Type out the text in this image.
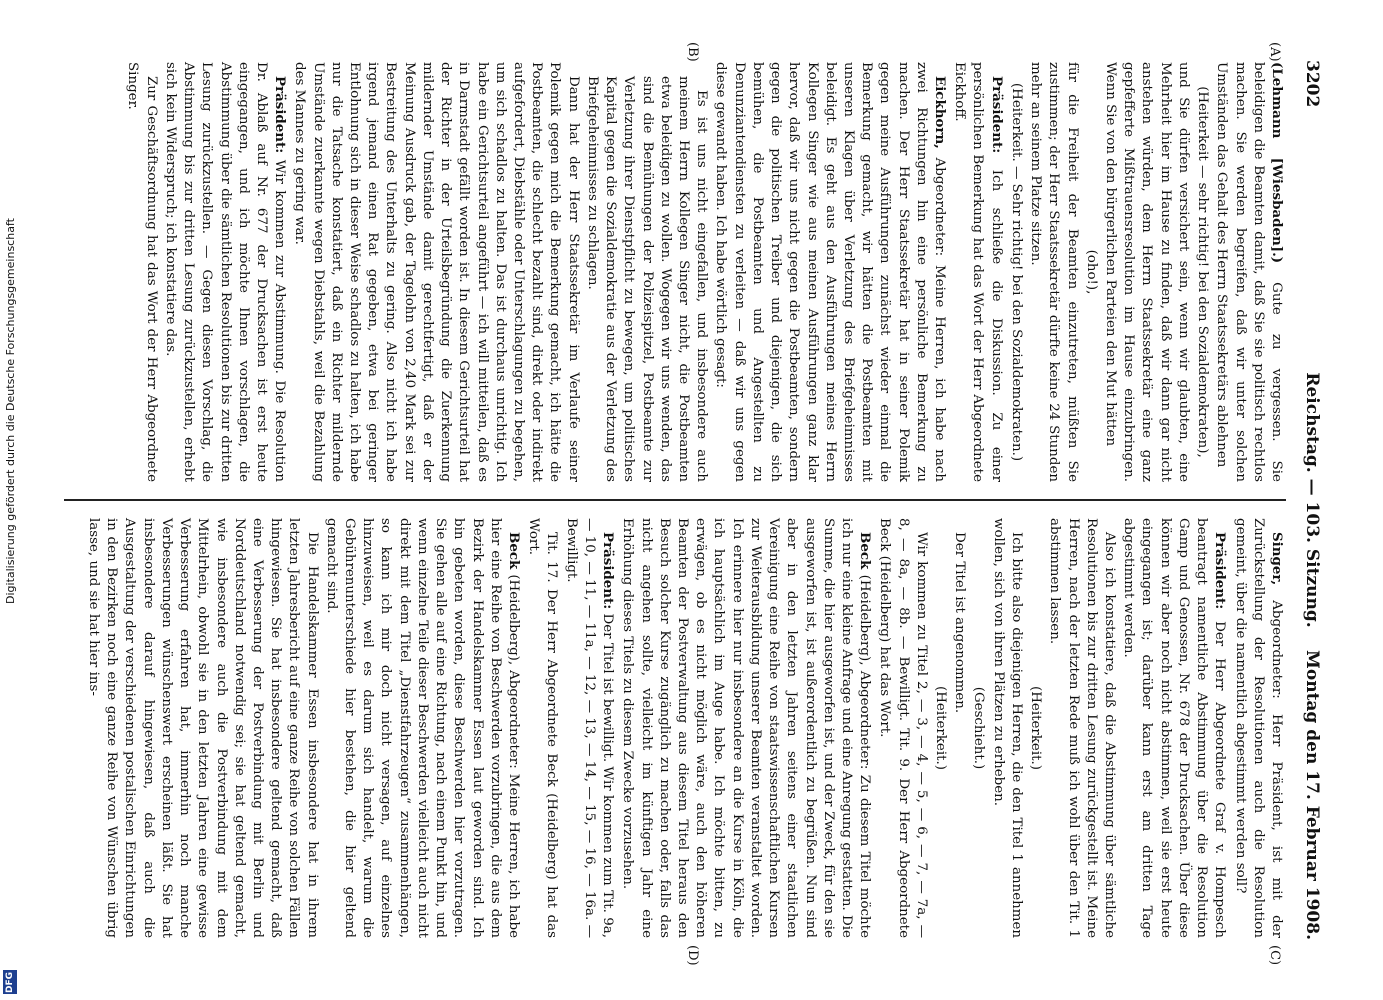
3202
Reichstag. — 103. Sitzung.
Montag den 17. Februar 1908.
(A)
(B)
(C)
(D)

(Lehmann [Wiesbaden].) Gute zu vergessen. Sie beleidigen die Beamten damit, daß Sie sie politisch rechtlos machen. Sie werden begreifen, daß wir unter solchen Umständen das Gehalt des Herrn Staatssekretärs ablehnen

(Heiterkeit — sehr richtig! bei den Sozialdemokraten),

und Sie dürfen versichert sein, wenn wir glaubten, eine Mehrheit hier im Hause zu finden, daß wir dann gar nicht anstehen würden, dem Herrn Staatssekretär eine ganz gepfefferte Mißtrauensresolution im Hause einzubringen. Wenn Sie von den bürgerlichen Parteien den Mut hätten

(oho!),

für die Freiheit der Beamten einzutreten, müßten Sie zustimmen; der Herr Staatssekretär dürfte keine 24 Stunden mehr an seinem Platze sitzen.

(Heiterkeit. — Sehr richtig! bei den Sozialdemokraten.)

Präsident: Ich schließe die Diskussion. Zu einer persönlichen Bemerkung hat das Wort der Herr Abgeordnete Eickhoff.

Eickhorn, Abgeordneter: Meine Herren, ich habe nach zwei Richtungen hin eine persönliche Bemerkung zu machen. Der Herr Staatssekretär hat in seiner Polemik gegen meine Ausführungen zunächst wieder einmal die Bemerkung gemacht, wir hätten die Postbeamten mit unseren Klagen über Verletzung des Briefgeheimnisses beleidigt. Es geht aus den Ausführungen meines Herrn Kollegen Singer wie aus meinen Ausführungen ganz klar hervor, daß wir uns nicht gegen die Postbeamten, sondern gegen die politischen Treiber und diejenigen, die sich bemühen, die Postbeamten und Angestellten zu Denunziantendiensten zu verleiten — daß wir uns gegen diese gewandt haben. Ich habe wörtlich gesagt:

Es ist uns nicht eingefallen, und insbesondere auch meinem Herrn Kollegen Singer nicht, die Postbeamten etwa beleidigen zu wollen. Wogegen wir uns wenden, das sind die Bemühungen der Polizeispitzel, Postbeamte zur Verletzung ihrer Dienstpflicht zu bewegen, um politisches Kapital gegen die Sozialdemokratie aus der Verletzung des Briefgeheimnisses zu schlagen.

Dann hat der Herr Staatssekretär im Verlaufe seiner Polemik gegen mich die Bemerkung gemacht, ich hätte die Postbeamten, die schlecht bezahlt sind, direkt oder indirekt aufgefordert, Diebstähle oder Unterschlagungen zu begehen, um sich schadlos zu halten. Das ist durchaus unrichtig. Ich habe ein Gerichtsurteil angeführt — ich will mitteilen, daß es in Darmstadt gefällt worden ist. In diesem Gerichtsurteil hat der Richter in der Urteilsbegründung die Zuerkennung mildernder Umstände damit gerechtfertigt, daß er der Meinung Ausdruck gab, der Tagelohn von 2,40 Mark sei zur Bestreitung des Unterhalts zu gering. Also nicht ich habe irgend jemand einen Rat gegeben, etwa bei geringer Entlohnung sich in dieser Weise schadlos zu halten, ich habe nur die Tatsache konstatiert, daß ein Richter mildernde Umstände zuerkannte wegen Diebstahls, weil die Bezahlung des Mannes zu gering war.

Präsident: Wir kommen zur Abstimmung. Die Resolution Dr. Ablaß auf Nr. 677 der Drucksachen ist erst heute eingegangen, und ich möchte Ihnen vorschlagen, die Abstimmung über die sämtlichen Resolutionen bis zur dritten Lesung zurückzustellen. — Gegen diesen Vorschlag, die Abstimmung bis zur dritten Lesung zurückzustellen, erhebt sich kein Widerspruch; ich konstatiere das.

Zur Geschäftsordnung hat das Wort der Herr Abgeordnete Singer.

Singer, Abgeordneter: Herr Präsident, ist mit der Zurückstellung der Resolutionen auch die Resolution gemeint, über die namentlich abgestimmt werden soll?

Präsident: Der Herr Abgeordnete Graf v. Hompesch beantragt namentliche Abstimmung über die Resolution Gamp und Genossen, Nr. 678 der Drucksachen. Über diese können wir aber noch nicht abstimmen, weil sie erst heute eingegangen ist; darüber kann erst am dritten Tage abgestimmt werden.

Also ich konstatiere, daß die Abstimmung über sämtliche Resolutionen bis zur dritten Lesung zurückgestellt ist. Meine Herren, nach der letzten Rede muß ich wohl über den Tit. 1 abstimmen lassen.

(Heiterkeit.)

Ich bitte also diejenigen Herren, die den Titel 1 annehmen wollen, sich von ihren Plätzen zu erheben.

(Geschieht.)

Der Titel ist angenommen.

(Heiterkeit.)

Wir kommen zu Titel 2, — 3, — 4, — 5, — 6, — 7, — 7a, — 8, — 8a, — 8b. — Bewilligt. Tit. 9. Der Herr Abgeordnete Beck (Heidelberg) hat das Wort.

Beck (Heidelberg), Abgeordneter: Zu diesem Titel möchte ich nur eine kleine Anfrage und eine Anregung gestatten. Die Summe, die hier ausgeworfen ist, und der Zweck, für den sie ausgeworfen ist, ist außerordentlich zu begrüßen. Nun sind aber in den letzten Jahren seitens einer staatlichen Vereinigung eine Reihe von staatswissenschaftlichen Kursen zur Weiterausbildung unserer Beamten veranstaltet worden. Ich erinnere hier nur insbesondere an die Kurse in Köln, die ich hauptsächlich im Auge habe. Ich möchte bitten, zu erwägen, ob es nicht möglich wäre, auch den höheren Beamten der Postverwaltung aus diesem Titel heraus den Besuch solcher Kurse zugänglich zu machen oder, falls das nicht angehen sollte, vielleicht im künftigen Jahr eine Erhöhung dieses Titels zu diesem Zwecke vorzusehen.

Präsident: Der Titel ist bewilligt. Wir kommen zum Tit. 9a, — 10, — 11, — 11a, — 12, — 13, — 14, — 15, — 16, — 16a. — Bewilligt.

Tit. 17. Der Herr Abgeordnete Beck (Heidelberg) hat das Wort.

Beck (Heidelberg), Abgeordneter: Meine Herren, ich habe hier eine Reihe von Beschwerden vorzubringen, die aus dem Bezirk der Handelskammer Essen laut geworden sind. Ich bin gebeten worden, diese Beschwerden hier vorzutragen. Sie gehen alle auf eine Richtung, nach einem Punkt hin, und wenn einzelne Teile dieser Beschwerden vielleicht auch nicht direkt mit dem Titel „Dienstfahrzeugen“ zusammenhängen, so kann ich mir doch nicht versagen, auf einzelnes hinzuweisen, weil es darum sich handelt, warum die Gebührenunterschiede hier bestehen, die hier geltend gemacht sind.

Die Handelskammer Essen insbesondere hat in ihrem letzten Jahresbericht auf eine ganze Reihe von solchen Fällen hingewiesen. Sie hat insbesondere geltend gemacht, daß eine Verbesserung der Postverbindung mit Berlin und Norddeutschland notwendig sei; sie hat geltend gemacht, wie insbesondere auch die Postverbindung mit dem Mittelrhein, obwohl sie in den letzten Jahren eine gewisse Verbesserung erfahren hat, immerhin noch manche Verbesserungen wünschenswert erscheinen läßt. Sie hat insbesondere darauf hingewiesen, daß auch die Ausgestaltung der verschiedenen postalischen Einrichtungen in den Bezirken noch eine ganze Reihe von Wünschen übrig lasse, und sie hat hier ins-

Digitalisierung gefördert durch die Deutsche Forschungsgemeinschaft
DFG
